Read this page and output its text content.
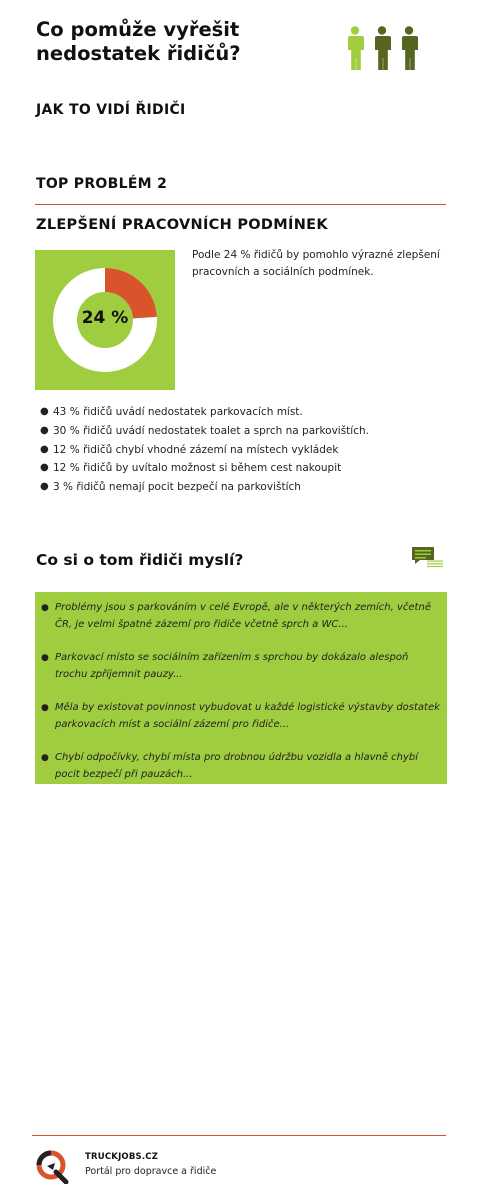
Co pomůže vyřešit
nedostatek řidičů?
JAK TO VIDÍ ŘIDIČI
TOP PROBLÉM 2
ZLEPŠENÍ PRACOVNÍCH PODMÍNEK
24 %
Podle 24 % řidičů by pomohlo výrazné zlepšení pracovních a sociálních podmínek.
● 43 % řidičů uvádí nedostatek parkovacích míst.
● 30 % řidičů uvádí nedostatek toalet a sprch na parkovištích.
● 12 % řidičů chybí vhodné zázemí na místech vykládek
● 12 % řidičů by uvítalo možnost si během cest nakoupit
● 3 % řidičů nemají pocit bezpečí na parkovištích
Co si o tom řidiči myslí?
● Problémy jsou s parkováním v celé Evropě, ale v některých zemích, včetně ČR, je velmi špatné zázemí pro řidiče včetně sprch a WC...
● Parkovací místo se sociálním zařízením s sprchou by dokázalo alespoň trochu zpříjemnit pauzy...
● Měla by existovat povinnost vybudovat u každé logistické výstavby dostatek parkovacích míst a sociální zázemí pro řidiče...
● Chybí odpočívky, chybí místa pro drobnou údržbu vozidla a hlavně chybí pocit bezpečí při pauzách...
TRUCKJOBS.CZ
Portál pro dopravce a řidiče
